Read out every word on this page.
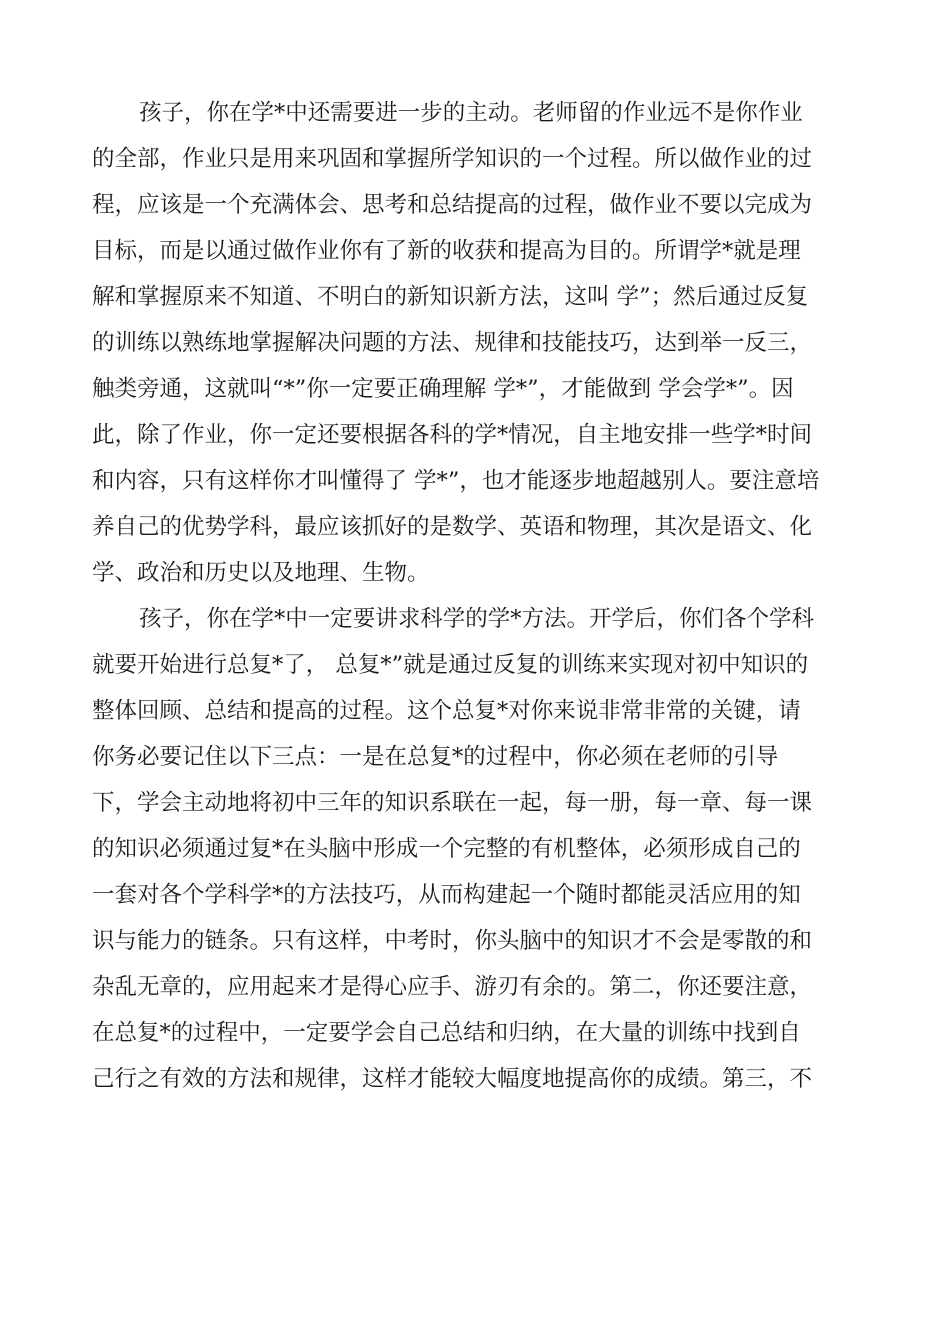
孩子，你在学*中还需要进一步的主动。老师留的作业远不是你作业
的全部，作业只是用来巩固和掌握所学知识的一个过程。所以做作业的过
程，应该是一个充满体会、思考和总结提高的过程，做作业不要以完成为
目标，而是以通过做作业你有了新的收获和提高为目的。所谓学*就是理
解和掌握原来不知道、不明白的新知识新方法，这叫 学”；然后通过反复
的训练以熟练地掌握解决问题的方法、规律和技能技巧，达到举一反三，
触类旁通，这就叫“*”你一定要正确理解 学*”，才能做到 学会学*”。因
此，除了作业，你一定还要根据各科的学*情况，自主地安排一些学*时间
和内容，只有这样你才叫懂得了 学*”，也才能逐步地超越别人。要注意培
养自己的优势学科，最应该抓好的是数学、英语和物理，其次是语文、化
学、政治和历史以及地理、生物。
孩子，你在学*中一定要讲求科学的学*方法。开学后，你们各个学科
就要开始进行总复*了， 总复*”就是通过反复的训练来实现对初中知识的
整体回顾、总结和提高的过程。这个总复*对你来说非常非常的关键，请
你务必要记住以下三点：一是在总复*的过程中，你必须在老师的引导
下，学会主动地将初中三年的知识系联在一起，每一册，每一章、每一课
的知识必须通过复*在头脑中形成一个完整的有机整体，必须形成自己的
一套对各个学科学*的方法技巧，从而构建起一个随时都能灵活应用的知
识与能力的链条。只有这样，中考时，你头脑中的知识才不会是零散的和
杂乱无章的，应用起来才是得心应手、游刃有余的。第二，你还要注意，
在总复*的过程中，一定要学会自己总结和归纳，在大量的训练中找到自
己行之有效的方法和规律，这样才能较大幅度地提高你的成绩。第三，不
